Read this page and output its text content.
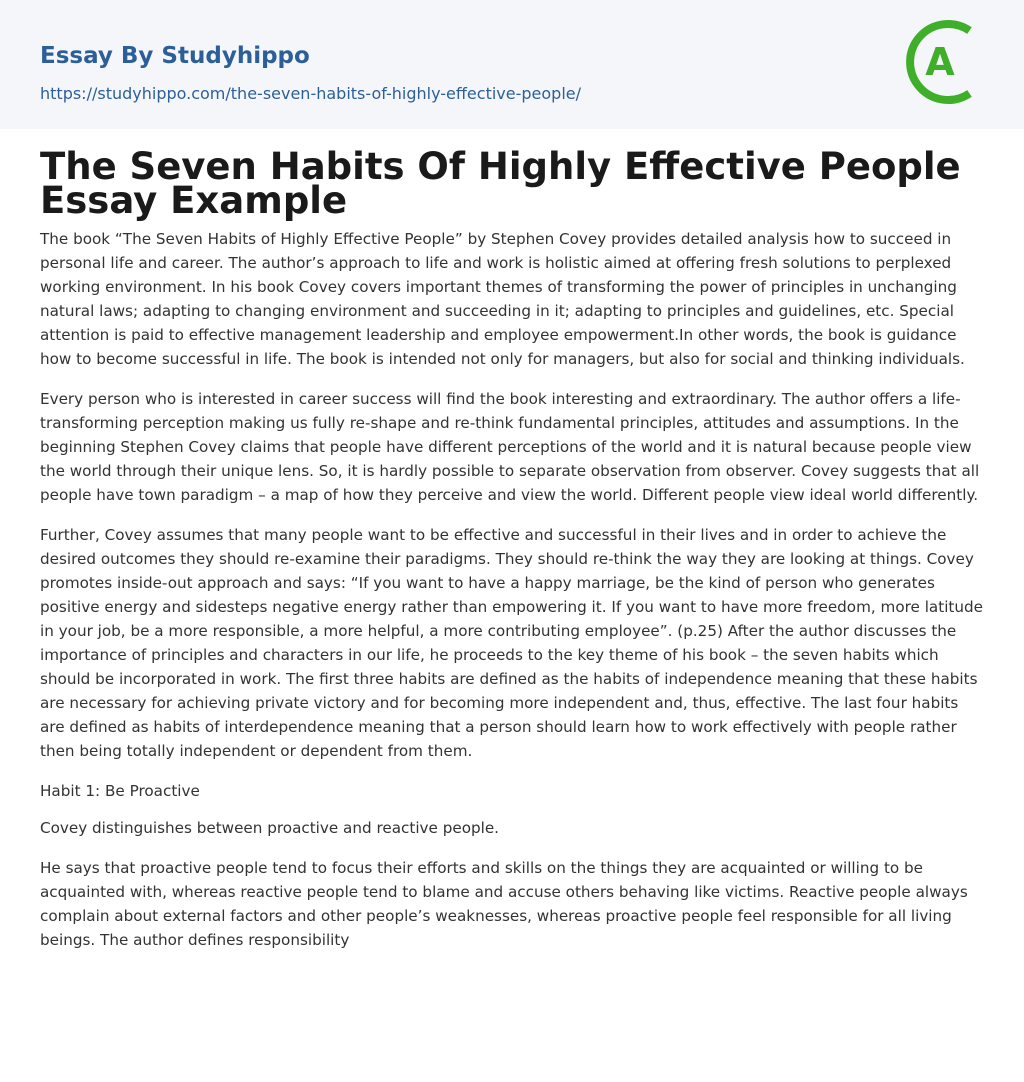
Essay By Studyhippo
https://studyhippo.com/the-seven-habits-of-highly-effective-people/
A
The Seven Habits Of Highly Effective People Essay Example

The book “The Seven Habits of Highly Effective People” by Stephen Covey provides detailed analysis how to succeed in personal life and career. The author’s approach to life and work is holistic aimed at offering fresh solutions to perplexed working environment. In his book Covey covers important themes of transforming the power of principles in unchanging natural laws; adapting to changing environment and succeeding in it; adapting to principles and guidelines, etc. Special attention is paid to effective management leadership and employee empowerment.In other words, the book is guidance how to become successful in life. The book is intended not only for managers, but also for social and thinking individuals.

Every person who is interested in career success will find the book interesting and extraordinary. The author offers a life-transforming perception making us fully re-shape and re-think fundamental principles, attitudes and assumptions. In the beginning Stephen Covey claims that people have different perceptions of the world and it is natural because people view the world through their unique lens. So, it is hardly possible to separate observation from observer. Covey suggests that all people have town paradigm – a map of how they perceive and view the world. Different people view ideal world differently.

Further, Covey assumes that many people want to be effective and successful in their lives and in order to achieve the desired outcomes they should re-examine their paradigms. They should re-think the way they are looking at things. Covey promotes inside-out approach and says: “If you want to have a happy marriage, be the kind of person who generates positive energy and sidesteps negative energy rather than empowering it. If you want to have more freedom, more latitude in your job, be a more responsible, a more helpful, a more contributing employee”. (p.25) After the author discusses the importance of principles and characters in our life, he proceeds to the key theme of his book – the seven habits which should be incorporated in work. The first three habits are defined as the habits of independence meaning that these habits are necessary for achieving private victory and for becoming more independent and, thus, effective. The last four habits are defined as habits of interdependence meaning that a person should learn how to work effectively with people rather then being totally independent or dependent from them.

Habit 1: Be Proactive

Covey distinguishes between proactive and reactive people.

He says that proactive people tend to focus their efforts and skills on the things they are acquainted or willing to be acquainted with, whereas reactive people tend to blame and accuse others behaving like victims. Reactive people always complain about external factors and other people’s weaknesses, whereas proactive people feel responsible for all living beings. The author defines responsibility
